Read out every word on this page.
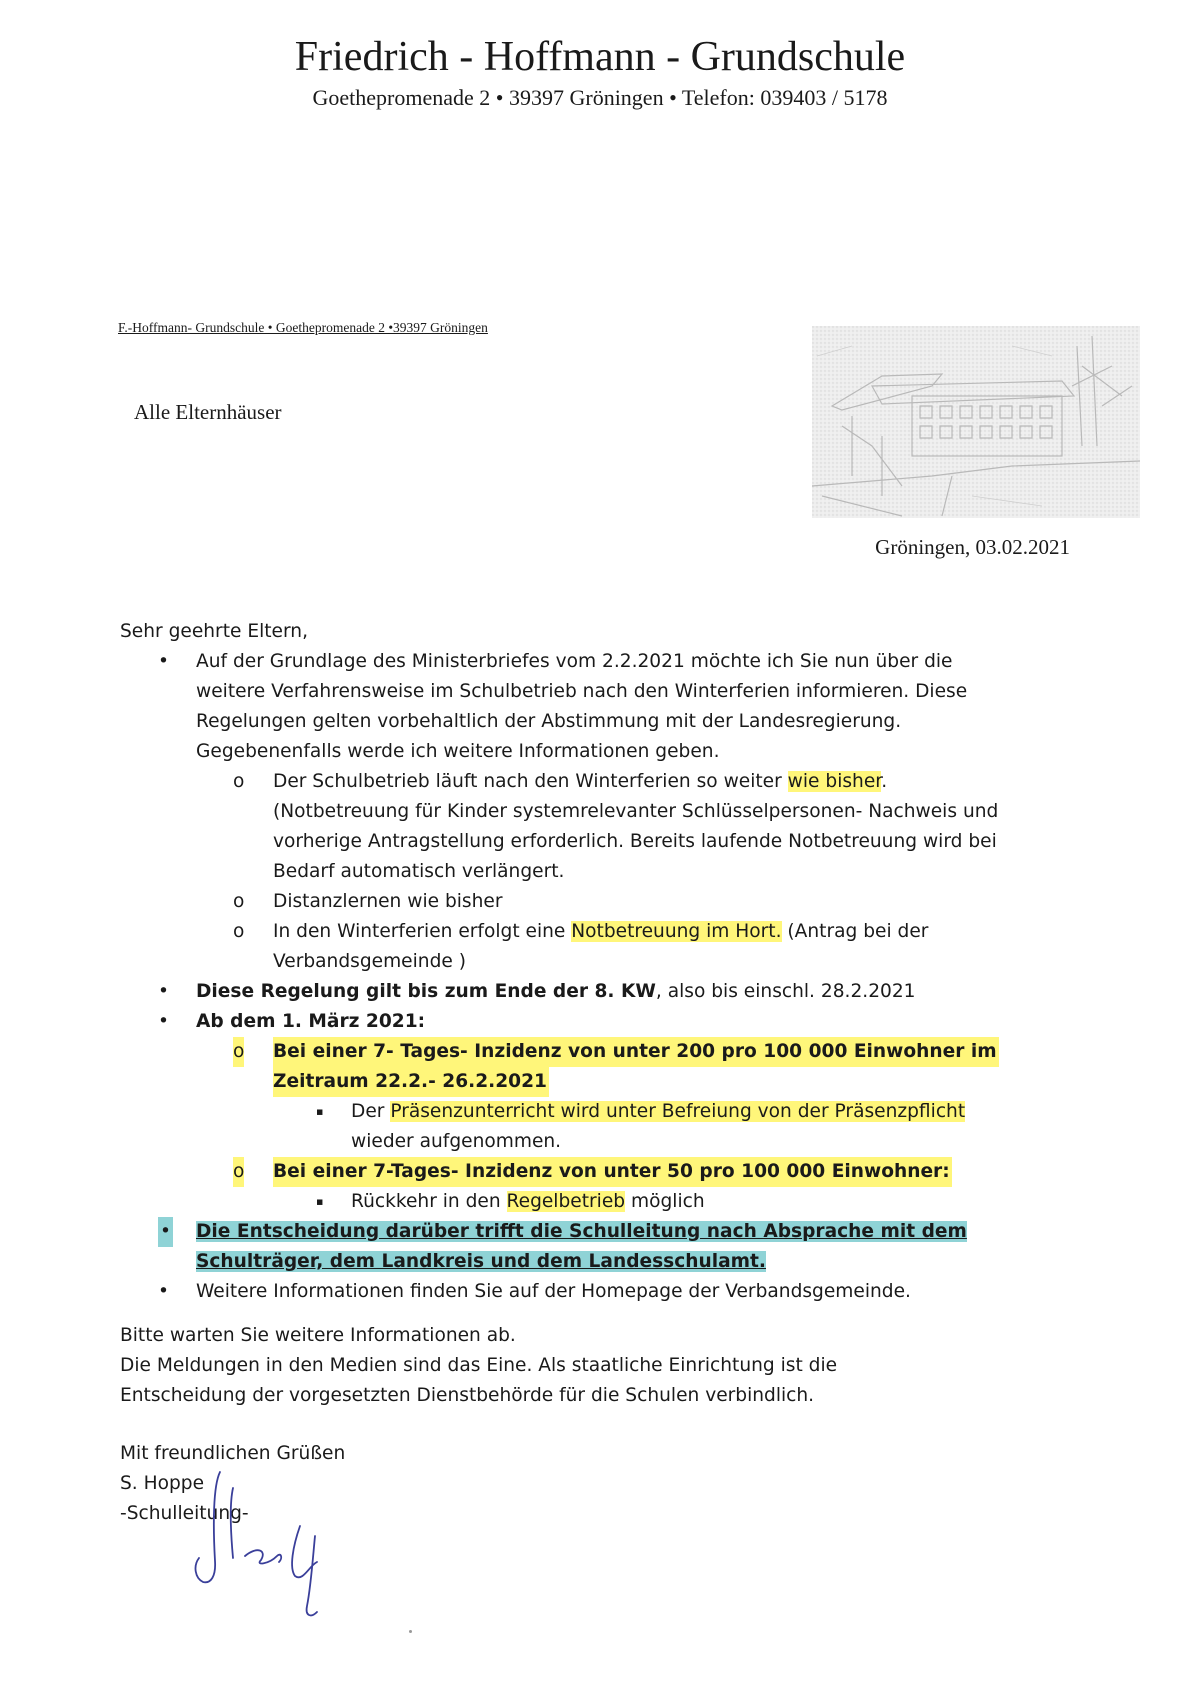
Friedrich - Hoffmann - Grundschule
Goethepromenade 2 • 39397 Gröningen • Telefon: 039403 / 5178
F.-Hoffmann- Grundschule • Goethepromenade 2 •39397 Gröningen
Alle Elternhäuser
Gröningen, 03.02.2021
Sehr geehrte Eltern,
• Auf der Grundlage des Ministerbriefes vom 2.2.2021 möchte ich Sie nun über die
weitere Verfahrensweise im Schulbetrieb nach den Winterferien informieren. Diese
Regelungen gelten vorbehaltlich der Abstimmung mit der Landesregierung.
Gegebenenfalls werde ich weitere Informationen geben.
o Der Schulbetrieb läuft nach den Winterferien so weiter wie bisher.
(Notbetreuung für Kinder systemrelevanter Schlüsselpersonen- Nachweis und
vorherige Antragstellung erforderlich. Bereits laufende Notbetreuung wird bei
Bedarf automatisch verlängert.
o Distanzlernen wie bisher
o In den Winterferien erfolgt eine Notbetreuung im Hort. (Antrag bei der
Verbandsgemeinde )
• Diese Regelung gilt bis zum Ende der 8. KW, also bis einschl. 28.2.2021
• Ab dem 1. März 2021:
o Bei einer 7- Tages- Inzidenz von unter 200 pro 100 000 Einwohner im
Zeitraum 22.2.- 26.2.2021
▪ Der Präsenzunterricht wird unter Befreiung von der Präsenzpflicht
wieder aufgenommen.
o Bei einer 7-Tages- Inzidenz von unter 50 pro 100 000 Einwohner:
▪ Rückkehr in den Regelbetrieb möglich
• Die Entscheidung darüber trifft die Schulleitung nach Absprache mit dem
Schulträger, dem Landkreis und dem Landesschulamt.
• Weitere Informationen finden Sie auf der Homepage der Verbandsgemeinde.
Bitte warten Sie weitere Informationen ab.
Die Meldungen in den Medien sind das Eine. Als staatliche Einrichtung ist die
Entscheidung der vorgesetzten Dienstbehörde für die Schulen verbindlich.
Mit freundlichen Grüßen
S. Hoppe
-Schulleitung-
